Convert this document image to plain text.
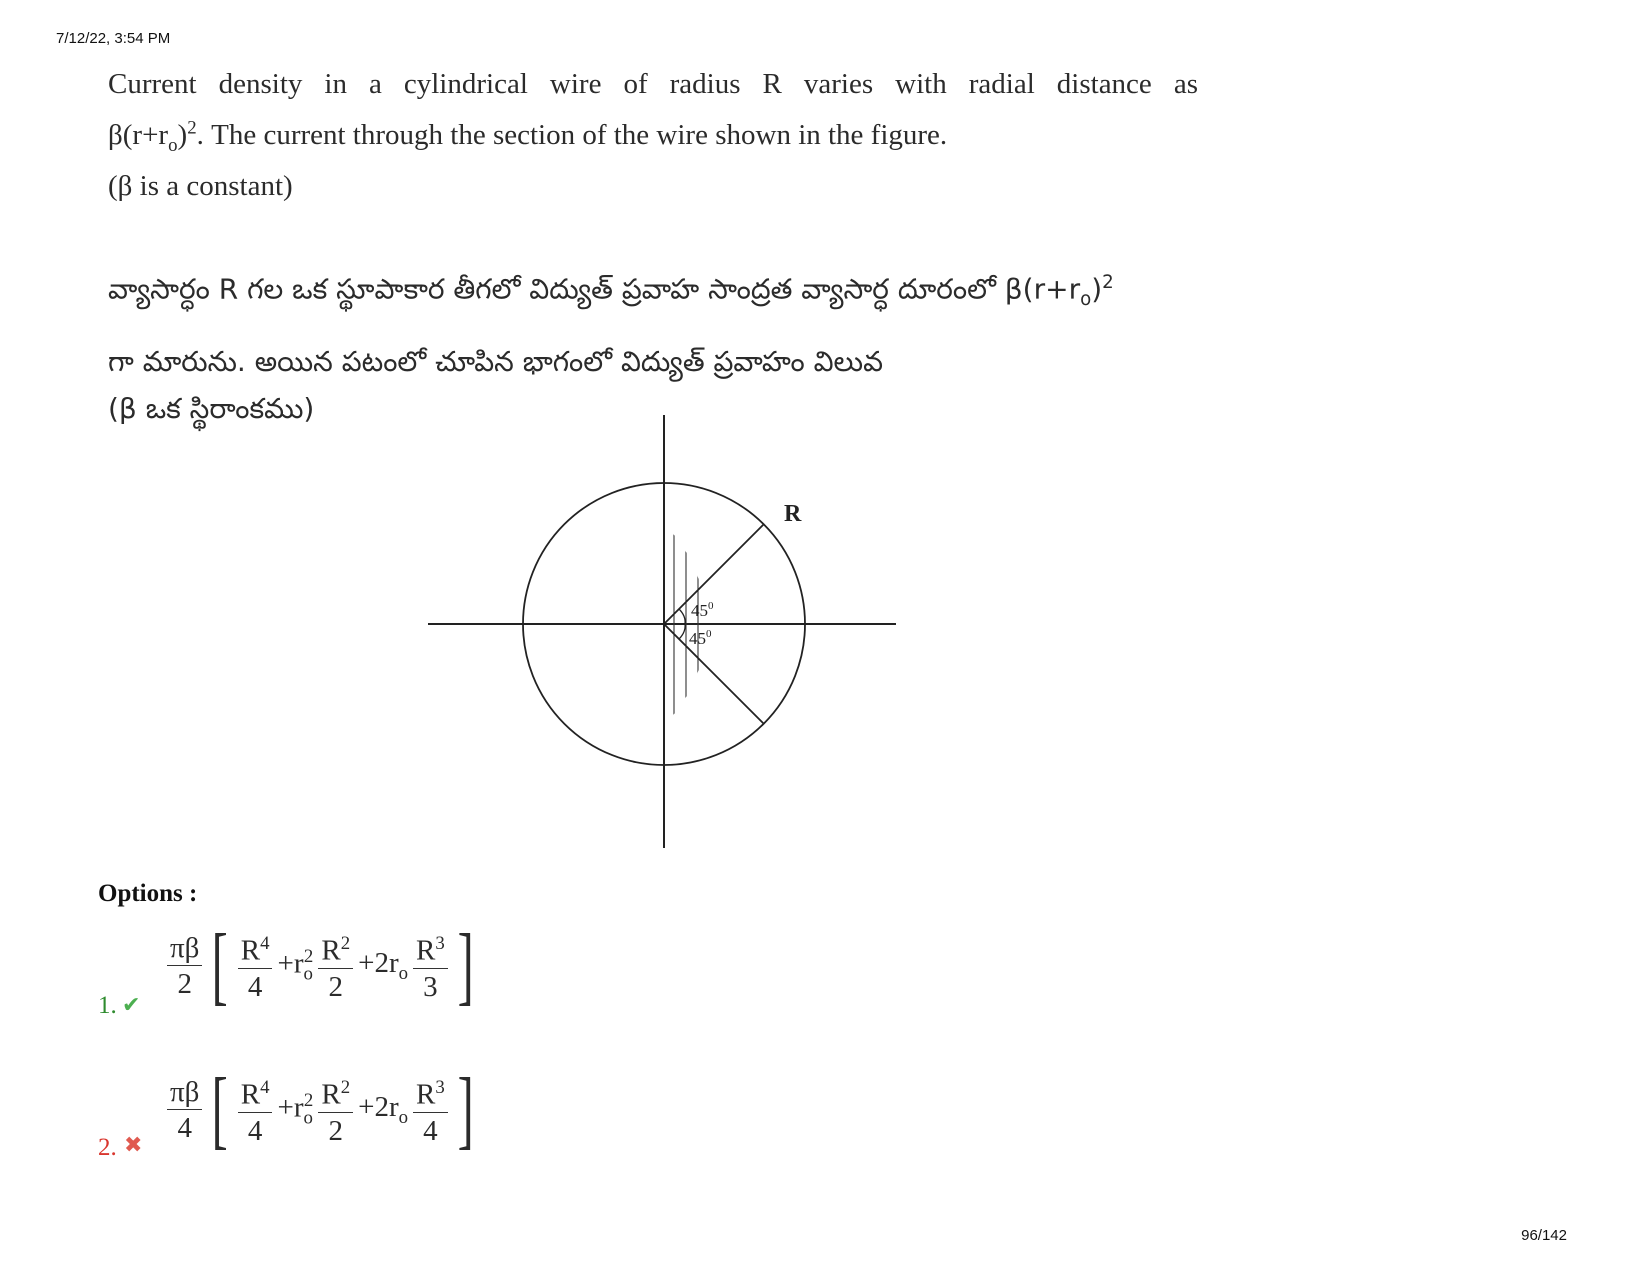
7/12/22, 3:54 PM
Current density in a cylindrical wire of radius R varies with radial distance as
$\beta(r+r_o)^2$. The current through the section of the wire shown in the figure.
(β is a constant)
వ్యాసార్ధం R గల ఒక స్థూపాకార తీగలో విద్యుత్ ప్రవాహ సాంద్రత వ్యాసార్ధ దూరంలో $\beta(r+r_o)^2$
గా మారును. అయిన పటంలో చూపిన భాగంలో విద్యుత్ ప్రవాహం విలువ
(β ఒక స్థిరాంకము)
R
$45^0$
$45^0$
Options :
1. ✔
$\frac{\pi\beta}{2}$ [ $\frac{R^4}{4} +r_o^2 \frac{R^2}{2} +2r_o \frac{R^3}{3}$ ]
2. ✖ $\frac{\pi\beta}{4}$ [ $\frac{R^4}{4} +r_o^2 \frac{R^2}{2} +2r_o \frac{R^3}{4}$ ]
96/142
